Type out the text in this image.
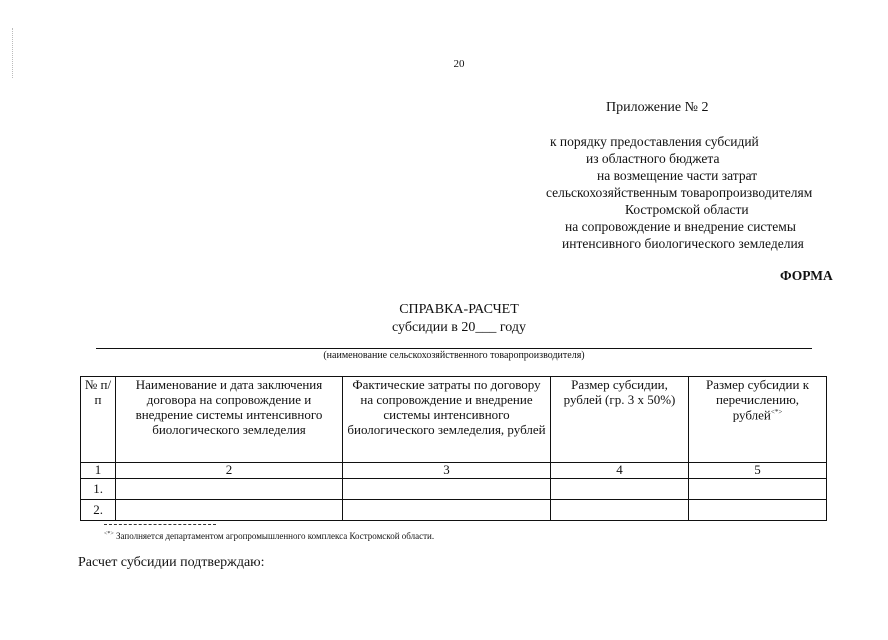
20
Приложение № 2
к порядку предоставления субсидий
из областного бюджета
на возмещение части затрат
сельскохозяйственным товаропроизводителям
Костромской области
на сопровождение и внедрение системы
интенсивного биологического земледелия
ФОРМА
СПРАВКА-РАСЧЕТ
субсидии в 20___ году
(наименование сельскохозяйственного товаропроизводителя)
№ п/п	Наименование и дата заключения договора на сопровождение и внедрение системы интенсивного биологического земледелия	Фактические затраты по договору на сопровождение и внедрение системы интенсивного биологического земледелия, рублей	Размер субсидии, рублей (гр. 3 x 50%)	Размер субсидии к перечислению, рублей<*>
1	2	3	4	5
1.				
2.				
<*> Заполняется департаментом агропромышленного комплекса Костромской области.
Расчет субсидии подтверждаю:
